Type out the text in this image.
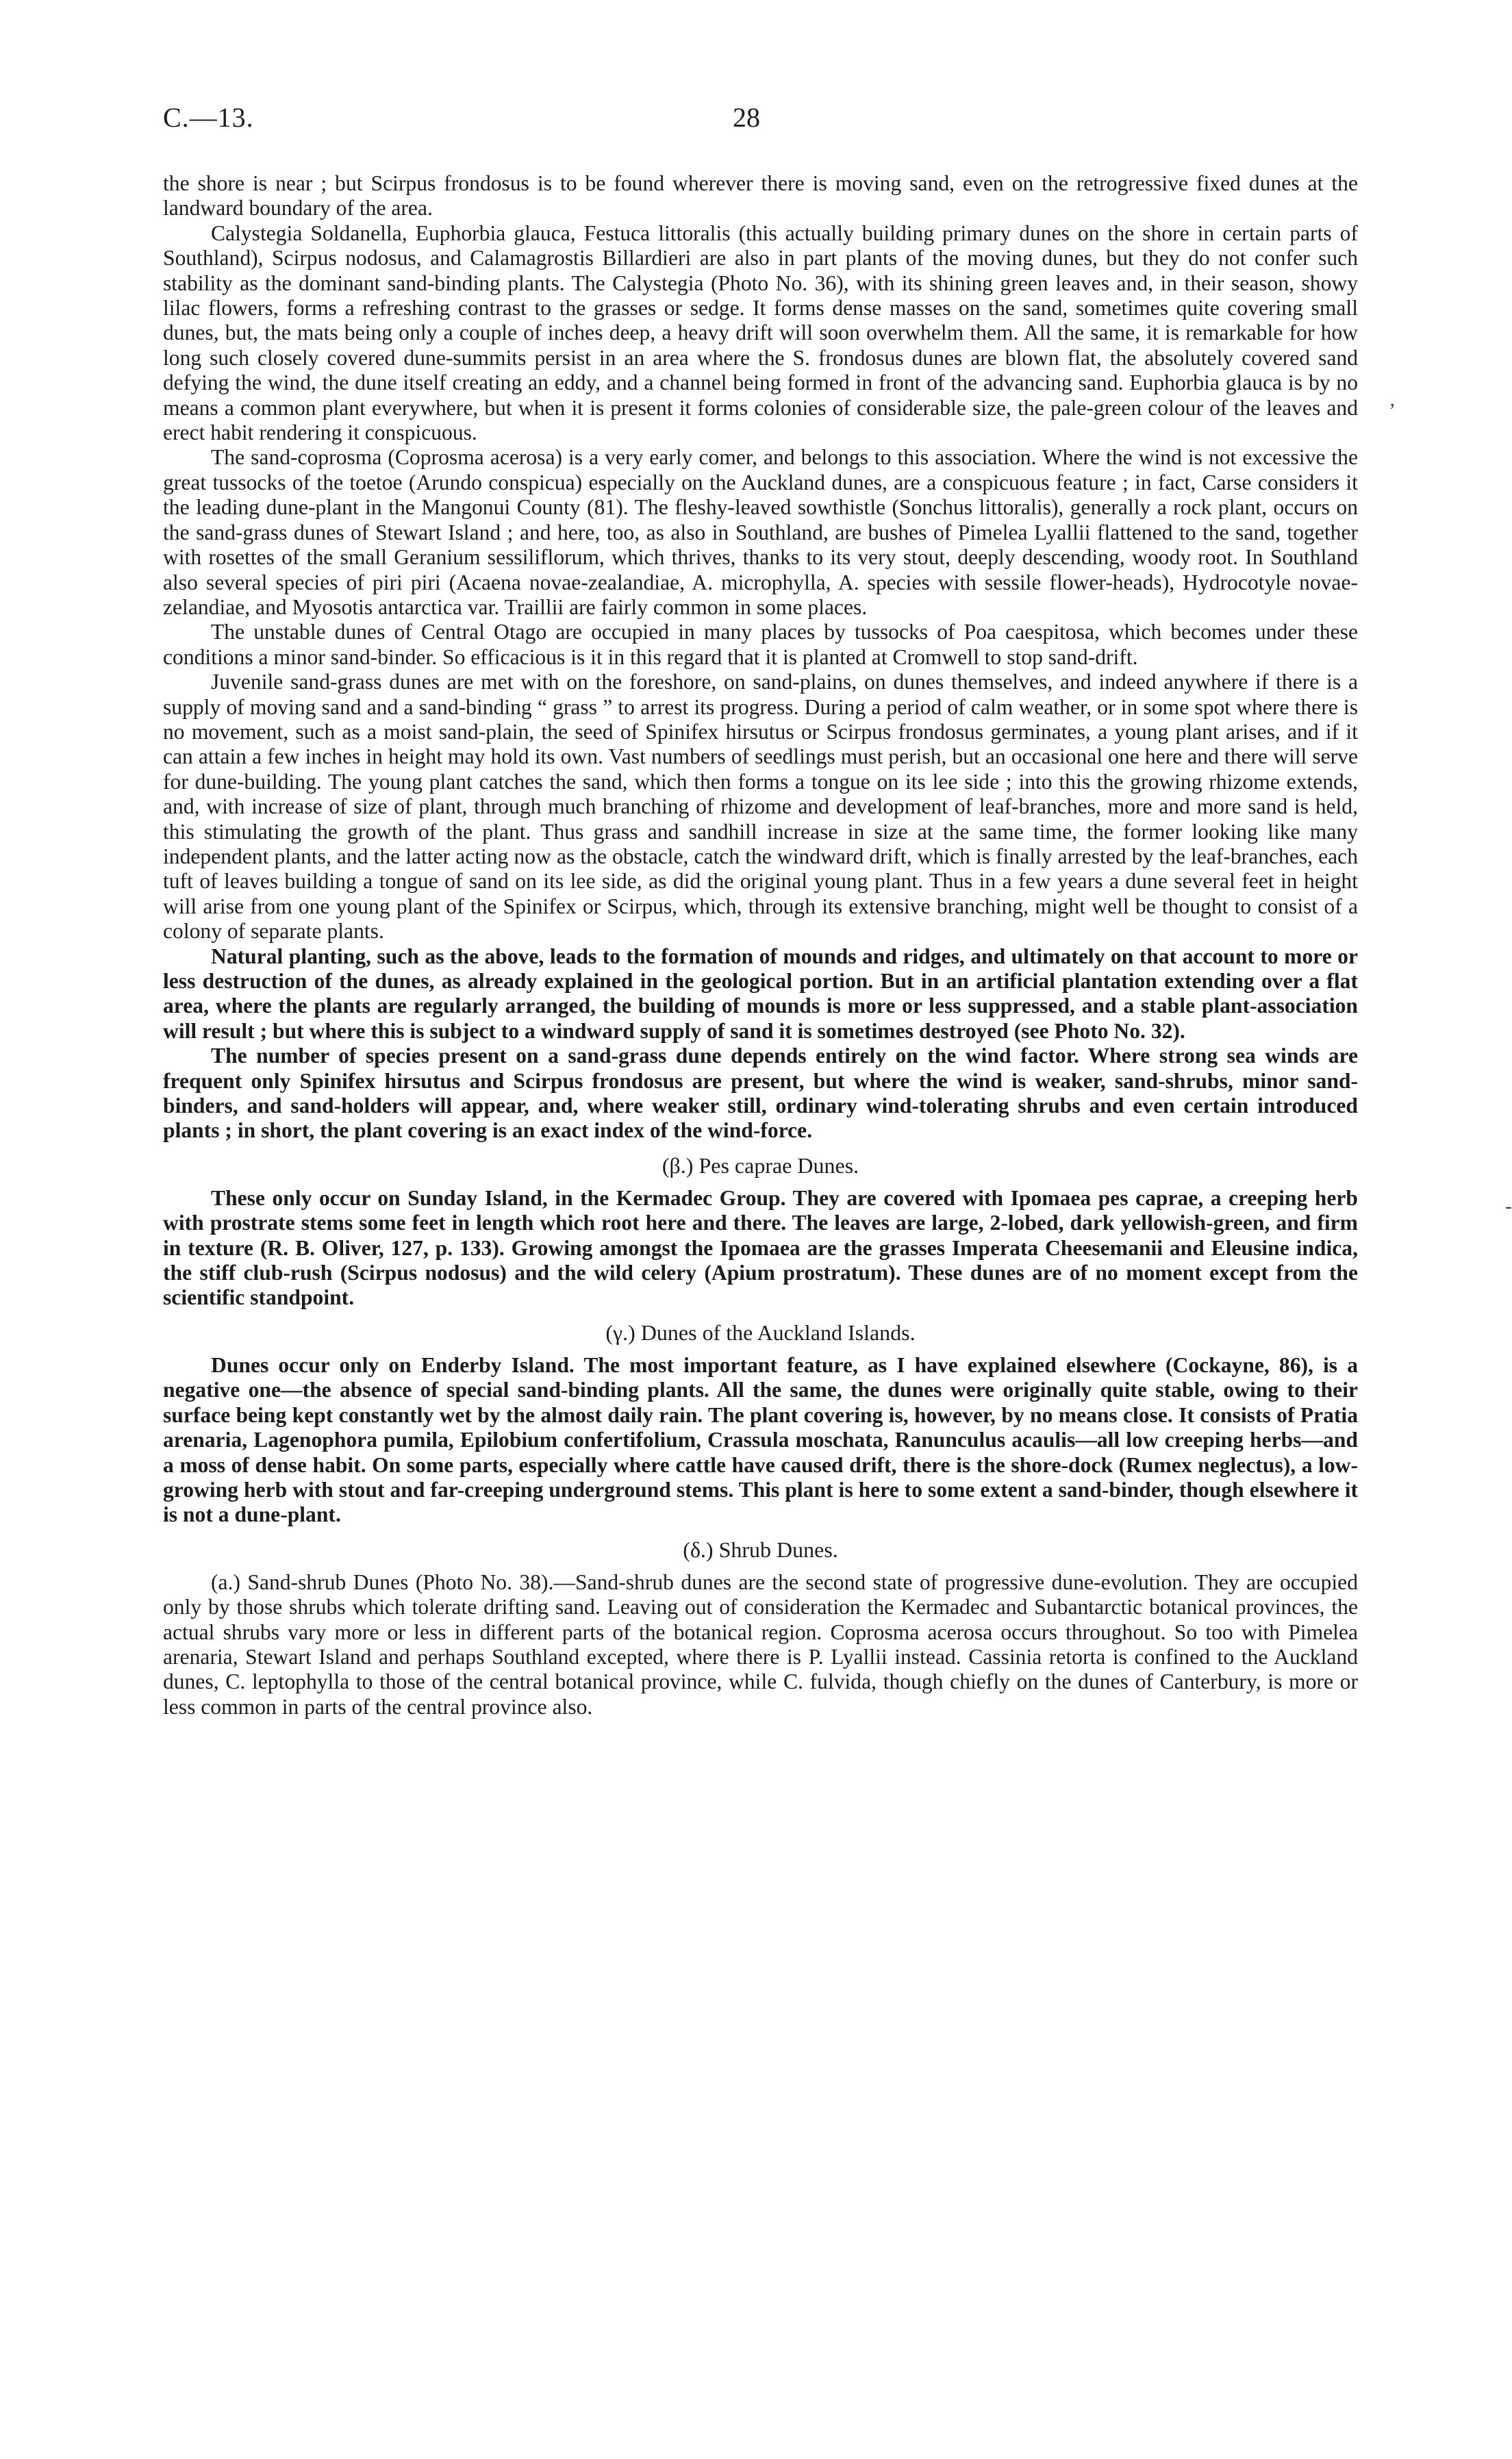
C.—13.	28
’
-

the shore is near ; but Scirpus frondosus is to be found wherever there is moving sand, even on the retrogressive fixed dunes at the landward boundary of the area.

Calystegia Soldanella, Euphorbia glauca, Festuca littoralis (this actually building primary dunes on the shore in certain parts of Southland), Scirpus nodosus, and Calamagrostis Billardieri are also in part plants of the moving dunes, but they do not confer such stability as the dominant sand-binding plants. The Calystegia (Photo No. 36), with its shining green leaves and, in their season, showy lilac flowers, forms a refreshing contrast to the grasses or sedge. It forms dense masses on the sand, sometimes quite covering small dunes, but, the mats being only a couple of inches deep, a heavy drift will soon overwhelm them. All the same, it is remarkable for how long such closely covered dune-summits persist in an area where the S. frondosus dunes are blown flat, the absolutely covered sand defying the wind, the dune itself creating an eddy, and a channel being formed in front of the advancing sand. Euphorbia glauca is by no means a common plant everywhere, but when it is present it forms colonies of considerable size, the pale-green colour of the leaves and erect habit rendering it conspicuous.

The sand-coprosma (Coprosma acerosa) is a very early comer, and belongs to this association. Where the wind is not excessive the great tussocks of the toetoe (Arundo conspicua) especially on the Auckland dunes, are a conspicuous feature ; in fact, Carse considers it the leading dune-plant in the Mangonui County (81). The fleshy-leaved sowthistle (Sonchus littoralis), generally a rock plant, occurs on the sand-grass dunes of Stewart Island ; and here, too, as also in Southland, are bushes of Pimelea Lyallii flattened to the sand, together with rosettes of the small Geranium sessiliflorum, which thrives, thanks to its very stout, deeply descending, woody root. In Southland also several species of piri piri (Acaena novae-zealandiae, A. microphylla, A. species with sessile flower-heads), Hydrocotyle novae-zelandiae, and Myosotis antarctica var. Traillii are fairly common in some places.

The unstable dunes of Central Otago are occupied in many places by tussocks of Poa caespitosa, which becomes under these conditions a minor sand-binder. So efficacious is it in this regard that it is planted at Cromwell to stop sand-drift.

Juvenile sand-grass dunes are met with on the foreshore, on sand-plains, on dunes themselves, and indeed anywhere if there is a supply of moving sand and a sand-binding “ grass ” to arrest its progress. During a period of calm weather, or in some spot where there is no movement, such as a moist sand-plain, the seed of Spinifex hirsutus or Scirpus frondosus germinates, a young plant arises, and if it can attain a few inches in height may hold its own. Vast numbers of seedlings must perish, but an occasional one here and there will serve for dune-building. The young plant catches the sand, which then forms a tongue on its lee side ; into this the growing rhizome extends, and, with increase of size of plant, through much branching of rhizome and development of leaf-branches, more and more sand is held, this stimulating the growth of the plant. Thus grass and sandhill increase in size at the same time, the former looking like many independent plants, and the latter acting now as the obstacle, catch the windward drift, which is finally arrested by the leaf-branches, each tuft of leaves building a tongue of sand on its lee side, as did the original young plant. Thus in a few years a dune several feet in height will arise from one young plant of the Spinifex or Scirpus, which, through its extensive branching, might well be thought to consist of a colony of separate plants.

Natural planting, such as the above, leads to the formation of mounds and ridges, and ultimately on that account to more or less destruction of the dunes, as already explained in the geological portion. But in an artificial plantation extending over a flat area, where the plants are regularly arranged, the building of mounds is more or less suppressed, and a stable plant-association will result ; but where this is subject to a windward supply of sand it is sometimes destroyed (see Photo No. 32).

The number of species present on a sand-grass dune depends entirely on the wind factor. Where strong sea winds are frequent only Spinifex hirsutus and Scirpus frondosus are present, but where the wind is weaker, sand-shrubs, minor sand-binders, and sand-holders will appear, and, where weaker still, ordinary wind-tolerating shrubs and even certain introduced plants ; in short, the plant covering is an exact index of the wind-force.

(β.) Pes caprae Dunes.

These only occur on Sunday Island, in the Kermadec Group. They are covered with Ipomaea pes caprae, a creeping herb with prostrate stems some feet in length which root here and there. The leaves are large, 2-lobed, dark yellowish-green, and firm in texture (R. B. Oliver, 127, p. 133). Growing amongst the Ipomaea are the grasses Imperata Cheesemanii and Eleusine indica, the stiff club-rush (Scirpus nodosus) and the wild celery (Apium prostratum). These dunes are of no moment except from the scientific standpoint.

(γ.) Dunes of the Auckland Islands.

Dunes occur only on Enderby Island. The most important feature, as I have explained elsewhere (Cockayne, 86), is a negative one—the absence of special sand-binding plants. All the same, the dunes were originally quite stable, owing to their surface being kept constantly wet by the almost daily rain. The plant covering is, however, by no means close. It consists of Pratia arenaria, Lagenophora pumila, Epilobium confertifolium, Crassula moschata, Ranunculus acaulis—all low creeping herbs—and a moss of dense habit. On some parts, especially where cattle have caused drift, there is the shore-dock (Rumex neglectus), a low-growing herb with stout and far-creeping underground stems. This plant is here to some extent a sand-binder, though elsewhere it is not a dune-plant.

(δ.) Shrub Dunes.

(a.) Sand-shrub Dunes (Photo No. 38).—Sand-shrub dunes are the second state of progressive dune-evolution. They are occupied only by those shrubs which tolerate drifting sand. Leaving out of consideration the Kermadec and Subantarctic botanical provinces, the actual shrubs vary more or less in different parts of the botanical region. Coprosma acerosa occurs throughout. So too with Pimelea arenaria, Stewart Island and perhaps Southland excepted, where there is P. Lyallii instead. Cassinia retorta is confined to the Auckland dunes, C. leptophylla to those of the central botanical province, while C. fulvida, though chiefly on the dunes of Canterbury, is more or less common in parts of the central province also.
